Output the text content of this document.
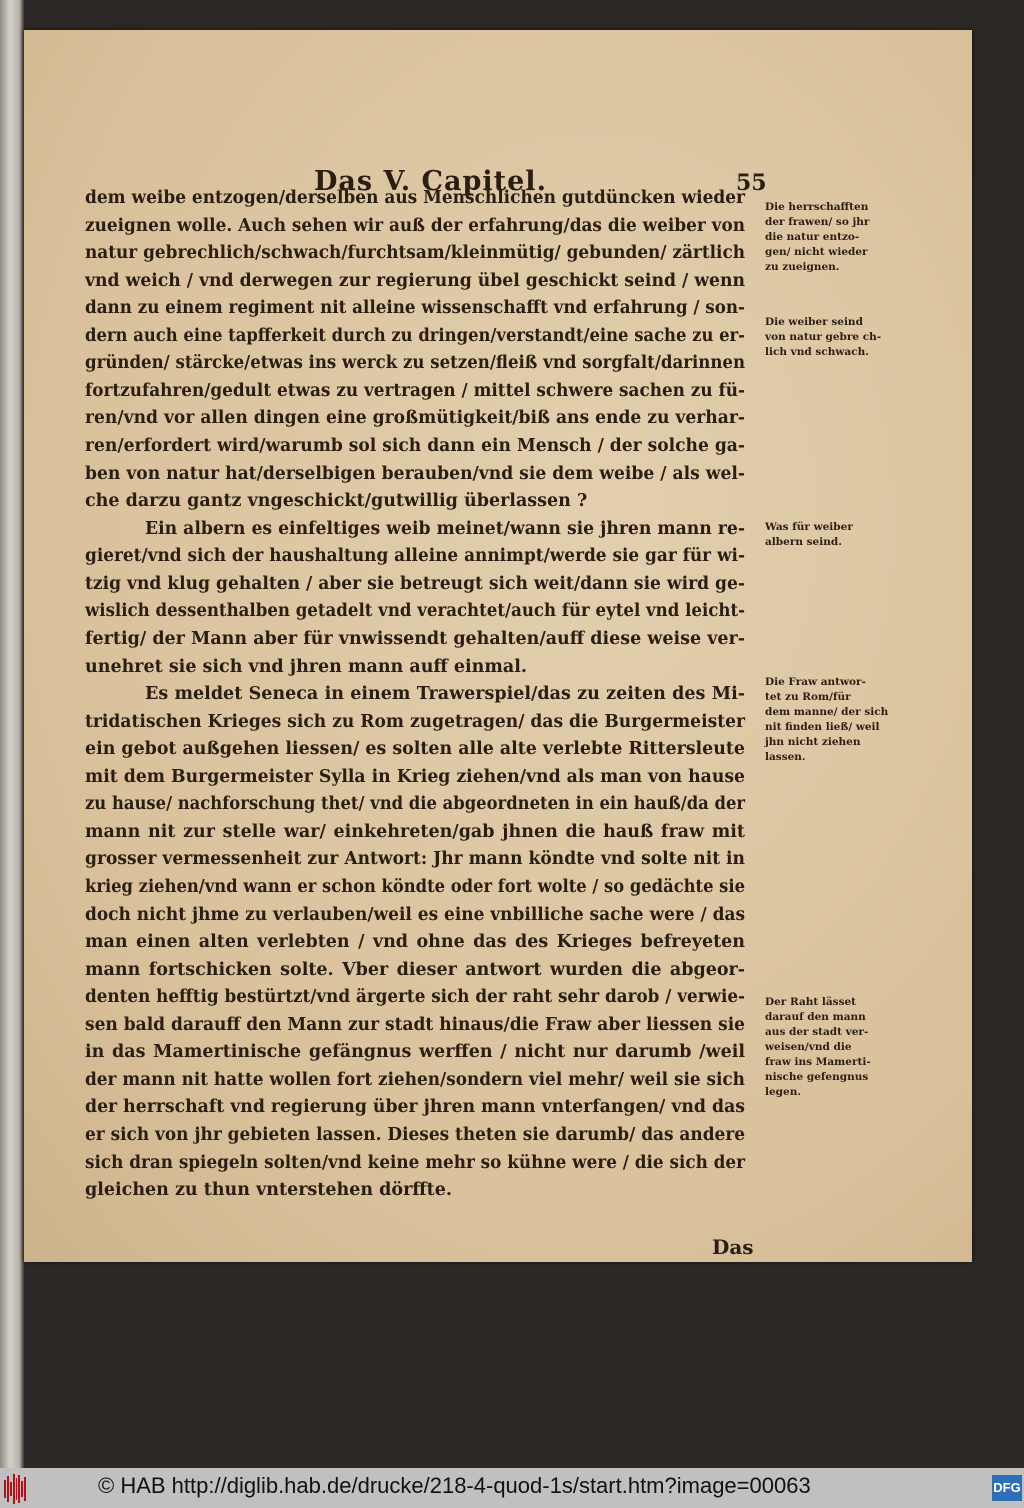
Das V. Capitel.	55
dem weibe entzogen/derselben aus Menschlichen gutdüncken wieder
zueignen wolle. Auch sehen wir auß der erfahrung/das die weiber von
natur gebrechlich/schwach/furchtsam/kleinmütig/ gebunden/ zärtlich
vnd weich / vnd derwegen zur regierung übel geschickt seind / wenn
dann zu einem regiment nit alleine wissenschafft vnd erfahrung / son-
dern auch eine tapfferkeit durch zu dringen/verstandt/eine sache zu er-
gründen/ stärcke/etwas ins werck zu setzen/fleiß vnd sorgfalt/darinnen
fortzufahren/gedult etwas zu vertragen / mittel schwere sachen zu fü-
ren/vnd vor allen dingen eine großmütigkeit/biß ans ende zu verhar-
ren/erfordert wird/warumb sol sich dann ein Mensch / der solche ga-
ben von natur hat/derselbigen berauben/vnd sie dem weibe / als wel-
che darzu gantz vngeschickt/gutwillig überlassen ?
Ein albern es einfeltiges weib meinet/wann sie jhren mann re-
gieret/vnd sich der haushaltung alleine annimpt/werde sie gar für wi-
tzig vnd klug gehalten / aber sie betreugt sich weit/dann sie wird ge-
wislich dessenthalben getadelt vnd verachtet/auch für eytel vnd leicht-
fertig/ der Mann aber für vnwissendt gehalten/auff diese weise ver-
unehret sie sich vnd jhren mann auff einmal.
Es meldet Seneca in einem Trawerspiel/das zu zeiten des Mi-
tridatischen Krieges sich zu Rom zugetragen/ das die Burgermeister
ein gebot außgehen liessen/ es solten alle alte verlebte Rittersleute
mit dem Burgermeister Sylla in Krieg ziehen/vnd als man von hause
zu hause/ nachforschung thet/ vnd die abgeordneten in ein hauß/da der
mann nit zur stelle war/ einkehreten/gab jhnen die hauß fraw mit
grosser vermessenheit zur Antwort: Jhr mann köndte vnd solte nit in
krieg ziehen/vnd wann er schon köndte oder fort wolte / so gedächte sie
doch nicht jhme zu verlauben/weil es eine vnbilliche sache were / das
man einen alten verlebten / vnd ohne das des Krieges befreyeten
mann fortschicken solte. Vber dieser antwort wurden die abgeor-
denten hefftig bestürtzt/vnd ärgerte sich der raht sehr darob / verwie-
sen bald darauff den Mann zur stadt hinaus/die Fraw aber liessen sie
in das Mamertinische gefängnus werffen / nicht nur darumb /weil
der mann nit hatte wollen fort ziehen/sondern viel mehr/ weil sie sich
der herrschaft vnd regierung über jhren mann vnterfangen/ vnd das
er sich von jhr gebieten lassen. Dieses theten sie darumb/ das andere
sich dran spiegeln solten/vnd keine mehr so kühne were / die sich der
gleichen zu thun vnterstehen dörffte.
Die herrschafften
der frawen/ so jhr
die natur entzo-
gen/ nicht wieder
zu zueignen.
Die weiber seind
von natur gebre ch-
lich vnd schwach.
Was für weiber
albern seind.
Die Fraw antwor-
tet zu Rom/für
dem manne/ der sich
nit finden ließ/ weil
jhn nicht ziehen
lassen.
Der Raht lässet
darauf den mann
aus der stadt ver-
weisen/vnd die
fraw ins Mamerti-
nische gefengnus
legen.
Das
© HAB http://diglib.hab.de/drucke/218-4-quod-1s/start.htm?image=00063	DFG
